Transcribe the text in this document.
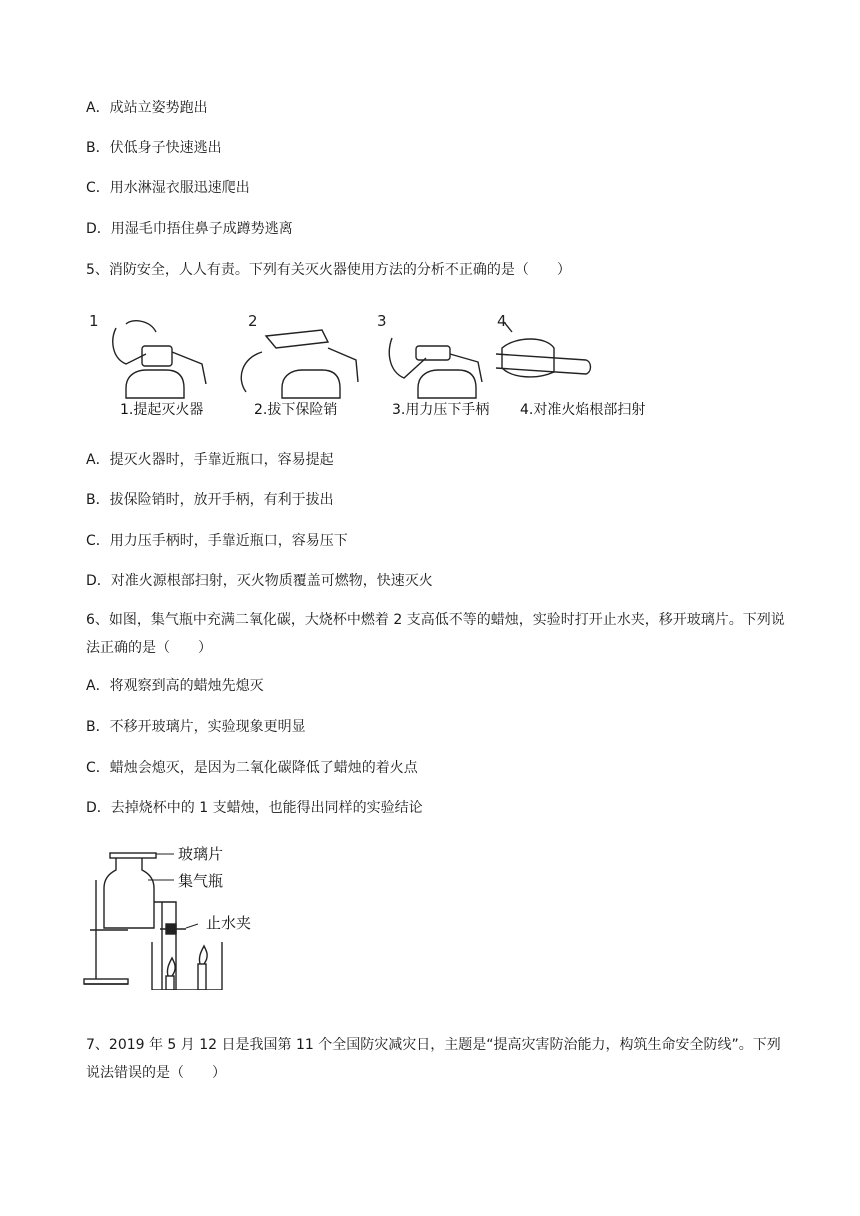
A．成站立姿势跑出
B．伏低身子快速逃出
C．用水淋湿衣服迅速爬出
D．用湿毛巾捂住鼻子成蹲势逃离
5、消防安全，人人有责。下列有关灭火器使用方法的分析不正确的是（　　）
1	2	3	4
1.提起灭火器	2.拔下保险销	3.用力压下手柄 4.对准火焰根部扫射
A．提灭火器时，手靠近瓶口，容易提起
B．拔保险销时，放开手柄，有利于拔出
C．用力压手柄时，手靠近瓶口，容易压下
D．对准火源根部扫射，灭火物质覆盖可燃物，快速灭火
6、如图，集气瓶中充满二氧化碳，大烧杯中燃着 2 支高低不等的蜡烛，实验时打开止水夹，移开玻璃片。下列说法正确的是（　　）
A．将观察到高的蜡烛先熄灭
B．不移开玻璃片，实验现象更明显
C．蜡烛会熄灭，是因为二氧化碳降低了蜡烛的着火点
D．去掉烧杯中的 1 支蜡烛，也能得出同样的实验结论
玻璃片
集气瓶
止水夹
7、2019 年 5 月 12 日是我国第 11 个全国防灾减灾日，主题是“提高灾害防治能力，构筑生命安全防线”。下列说法错误的是（　　）
